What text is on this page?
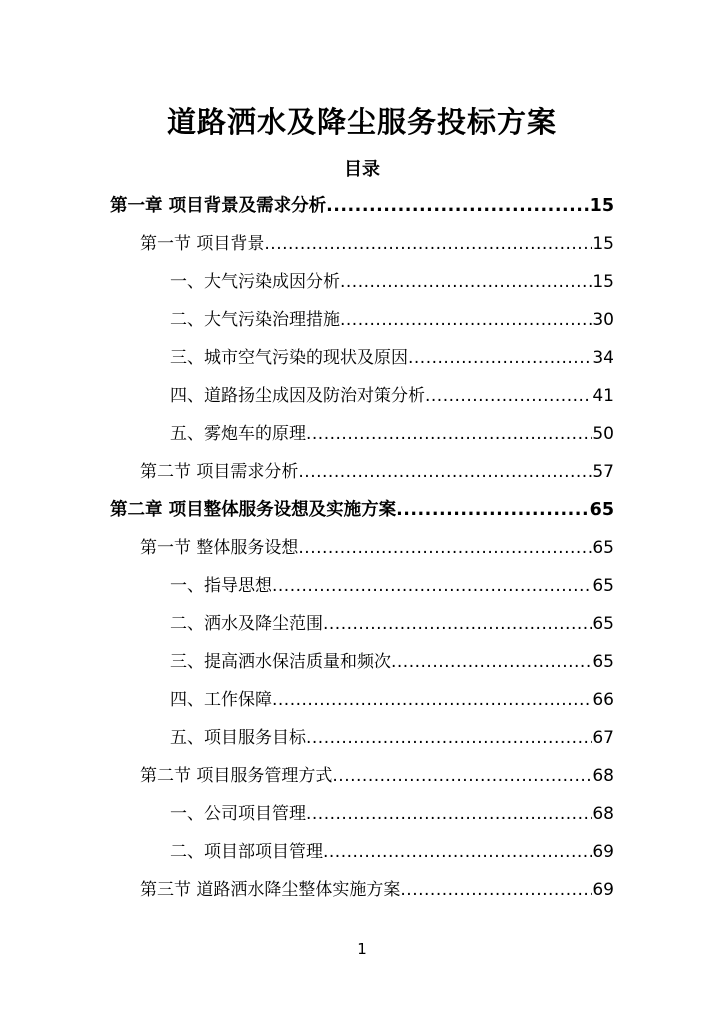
道路洒水及降尘服务投标方案
目录
第一章 项目背景及需求分析 .....	15
第一节 项目背景 .....	15
一、大气污染成因分析 .....	15
二、大气污染治理措施 .....	30
三、城市空气污染的现状及原因 .....	34
四、道路扬尘成因及防治对策分析 .....	41
五、雾炮车的原理 .....	50
第二节 项目需求分析 .....	57
第二章 项目整体服务设想及实施方案 .....	65
第一节 整体服务设想 .....	65
一、指导思想 .....	65
二、洒水及降尘范围 .....	65
三、提高洒水保洁质量和频次 .....	65
四、工作保障 .....	66
五、项目服务目标 .....	67
第二节 项目服务管理方式 .....	68
一、公司项目管理 .....	68
二、项目部项目管理 .....	69
第三节 道路洒水降尘整体实施方案 .....	69
1
